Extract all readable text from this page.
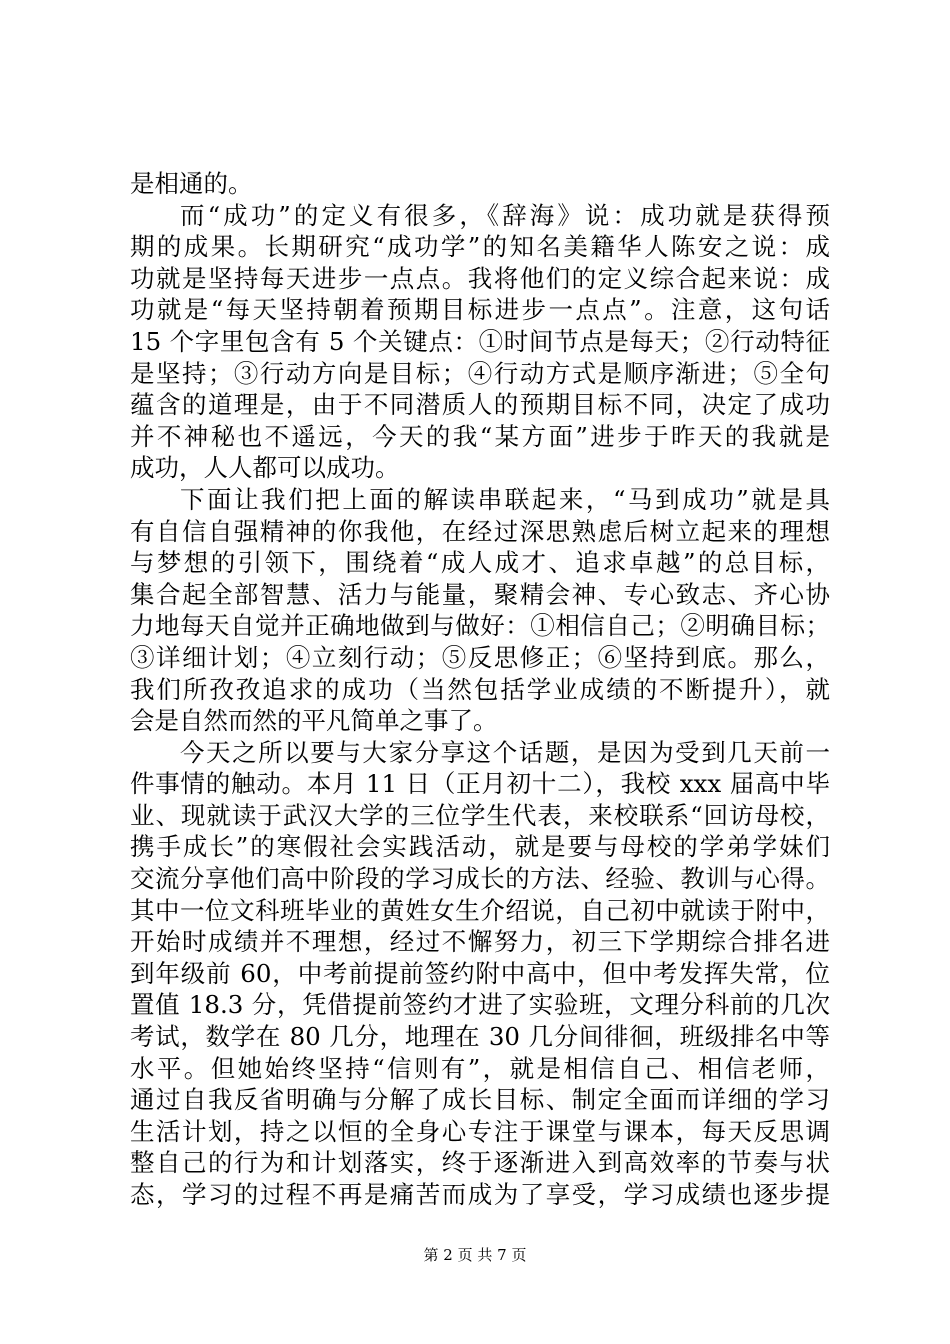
是相通的。
而“成功”的定义有很多，《辞海》说：成功就是获得预
期的成果。长期研究“成功学”的知名美籍华人陈安之说：成
功就是坚持每天进步一点点。我将他们的定义综合起来说：成
功就是“每天坚持朝着预期目标进步一点点”。注意，这句话
15 个字里包含有 5 个关键点：①时间节点是每天；②行动特征
是坚持；③行动方向是目标；④行动方式是顺序渐进；⑤全句
蕴含的道理是，由于不同潜质人的预期目标不同，决定了成功
并不神秘也不遥远，今天的我“某方面”进步于昨天的我就是
成功，人人都可以成功。
下面让我们把上面的解读串联起来，“马到成功”就是具
有自信自强精神的你我他，在经过深思熟虑后树立起来的理想
与梦想的引领下，围绕着“成人成才、追求卓越”的总目标，
集合起全部智慧、活力与能量，聚精会神、专心致志、齐心协
力地每天自觉并正确地做到与做好：①相信自己；②明确目标；
③详细计划；④立刻行动；⑤反思修正；⑥坚持到底。那么，
我们所孜孜追求的成功（当然包括学业成绩的不断提升），就
会是自然而然的平凡简单之事了。
今天之所以要与大家分享这个话题，是因为受到几天前一
件事情的触动。本月 11 日（正月初十二），我校 xxx 届高中毕
业、现就读于武汉大学的三位学生代表，来校联系“回访母校，
携手成长”的寒假社会实践活动，就是要与母校的学弟学妹们
交流分享他们高中阶段的学习成长的方法、经验、教训与心得。
其中一位文科班毕业的黄姓女生介绍说，自己初中就读于附中，
开始时成绩并不理想，经过不懈努力，初三下学期综合排名进
到年级前 60，中考前提前签约附中高中，但中考发挥失常，位
置值 18.3 分，凭借提前签约才进了实验班，文理分科前的几次
考试，数学在 80 几分，地理在 30 几分间徘徊，班级排名中等
水平。但她始终坚持“信则有”，就是相信自己、相信老师，
通过自我反省明确与分解了成长目标、制定全面而详细的学习
生活计划，持之以恒的全身心专注于课堂与课本，每天反思调
整自己的行为和计划落实，终于逐渐进入到高效率的节奏与状
态，学习的过程不再是痛苦而成为了享受，学习成绩也逐步提
第 2 页 共 7 页
